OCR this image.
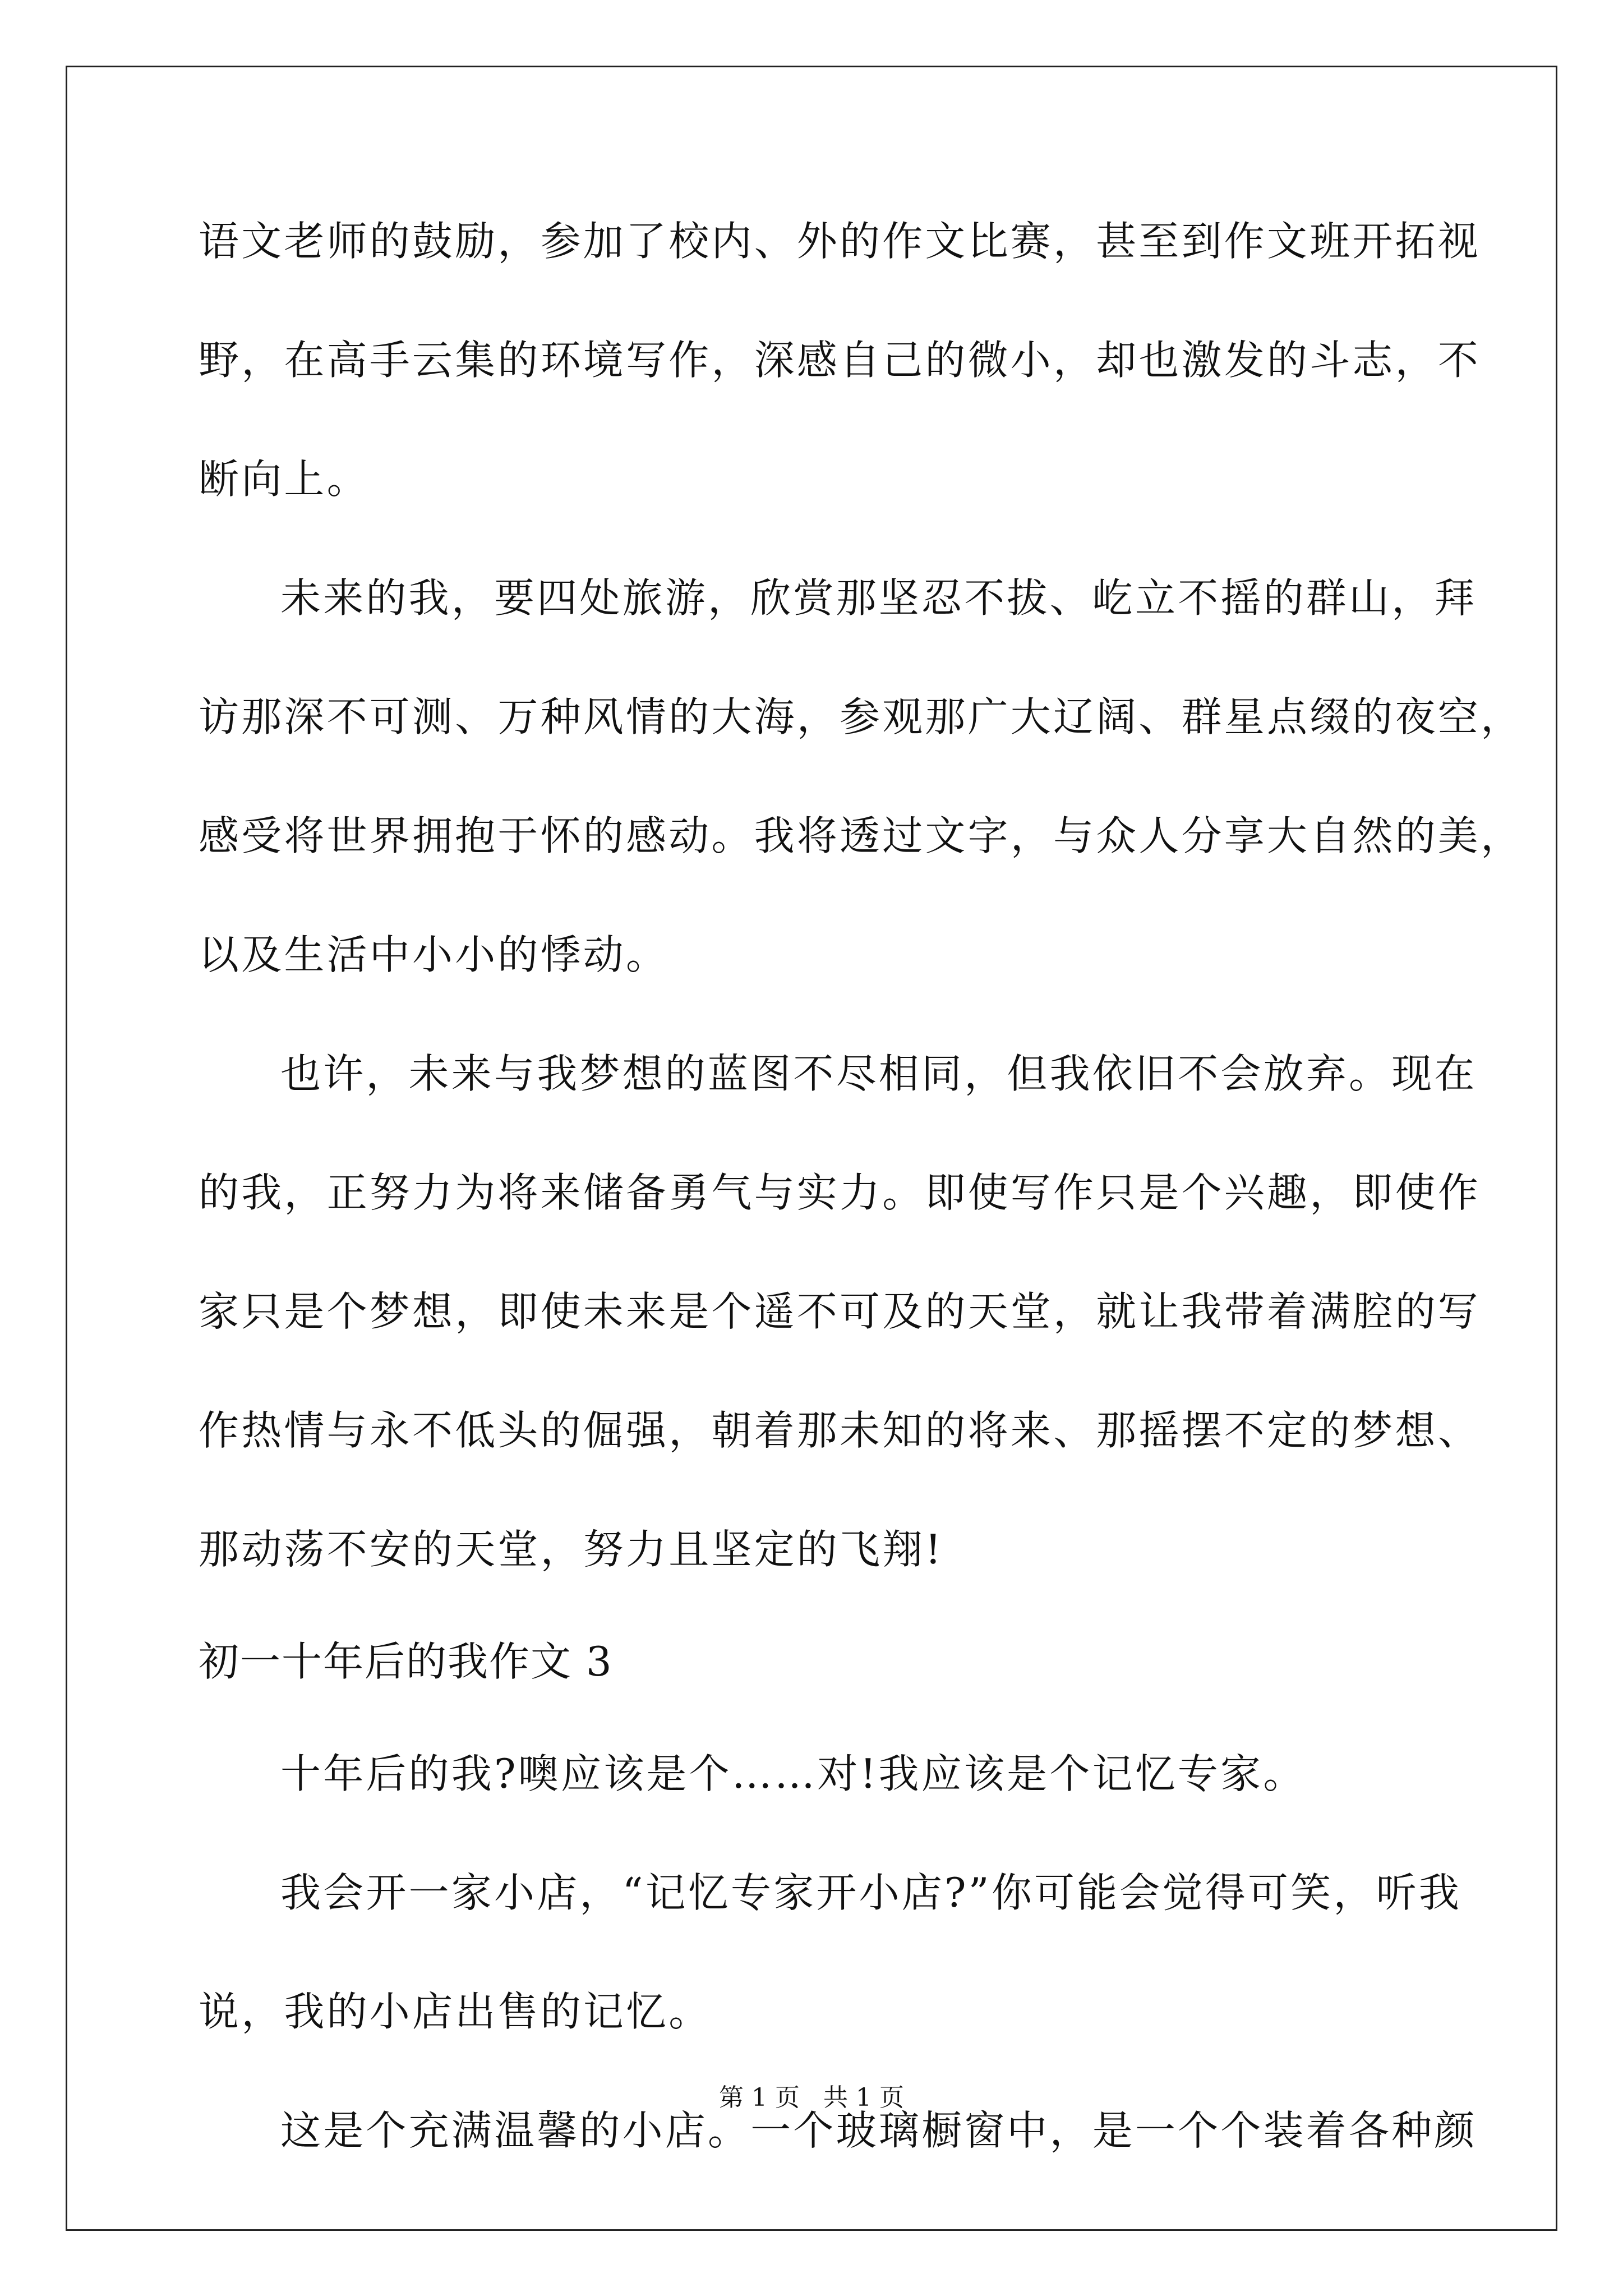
语文老师的鼓励，参加了校内、外的作文比赛，甚至到作文班开拓视
野，在高手云集的环境写作，深感自己的微小，却也激发的斗志，不
断向上。
未来的我，要四处旅游，欣赏那坚忍不拔、屹立不摇的群山，拜
访那深不可测、万种风情的大海，参观那广大辽阔、群星点缀的夜空，
感受将世界拥抱于怀的感动。我将透过文字，与众人分享大自然的美，
以及生活中小小的悸动。
也许，未来与我梦想的蓝图不尽相同，但我依旧不会放弃。现在
的我，正努力为将来储备勇气与实力。即使写作只是个兴趣，即使作
家只是个梦想，即使未来是个遥不可及的天堂，就让我带着满腔的写
作热情与永不低头的倔强，朝着那未知的将来、那摇摆不定的梦想、
那动荡不安的天堂，努力且坚定的飞翔!
初一十年后的我作文 3
十年后的我?噢应该是个……对!我应该是个记忆专家。
我会开一家小店，“记忆专家开小店?”你可能会觉得可笑，听我
说，我的小店出售的记忆。
这是个充满温馨的小店。一个玻璃橱窗中，是一个个装着各种颜
第 1 页   共 1 页
